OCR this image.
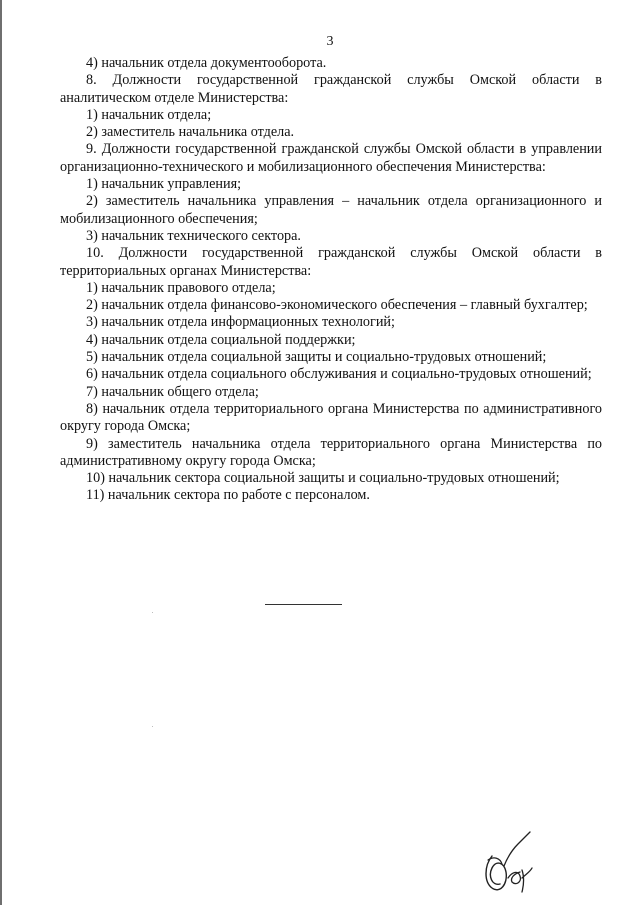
3

4) начальник отдела документооборота.

8. Должности государственной гражданской службы Омской области в аналитическом отделе Министерства:

1) начальник отдела;

2) заместитель начальника отдела.

9. Должности государственной гражданской службы Омской области в управлении организационно-технического и мобилизационного обеспечения Министерства:

1) начальник управления;

2) заместитель начальника управления – начальник отдела организационного и мобилизационного обеспечения;

3) начальник технического сектора.

10. Должности государственной гражданской службы Омской области в территориальных органах Министерства:

1) начальник правового отдела;

2) начальник отдела финансово-экономического обеспечения – главный бухгалтер;

3) начальник отдела информационных технологий;

4) начальник отдела социальной поддержки;

5) начальник отдела социальной защиты и социально-трудовых отношений;

6) начальник отдела социального обслуживания и социально-трудовых отношений;

7) начальник общего отдела;

8) начальник отдела территориального органа Министерства по административного округу города Омска;

9) заместитель начальника отдела территориального органа Министерства по административному округу города Омска;

10) начальник сектора социальной защиты и социально-трудовых отношений;

11) начальник сектора по работе с персоналом.
